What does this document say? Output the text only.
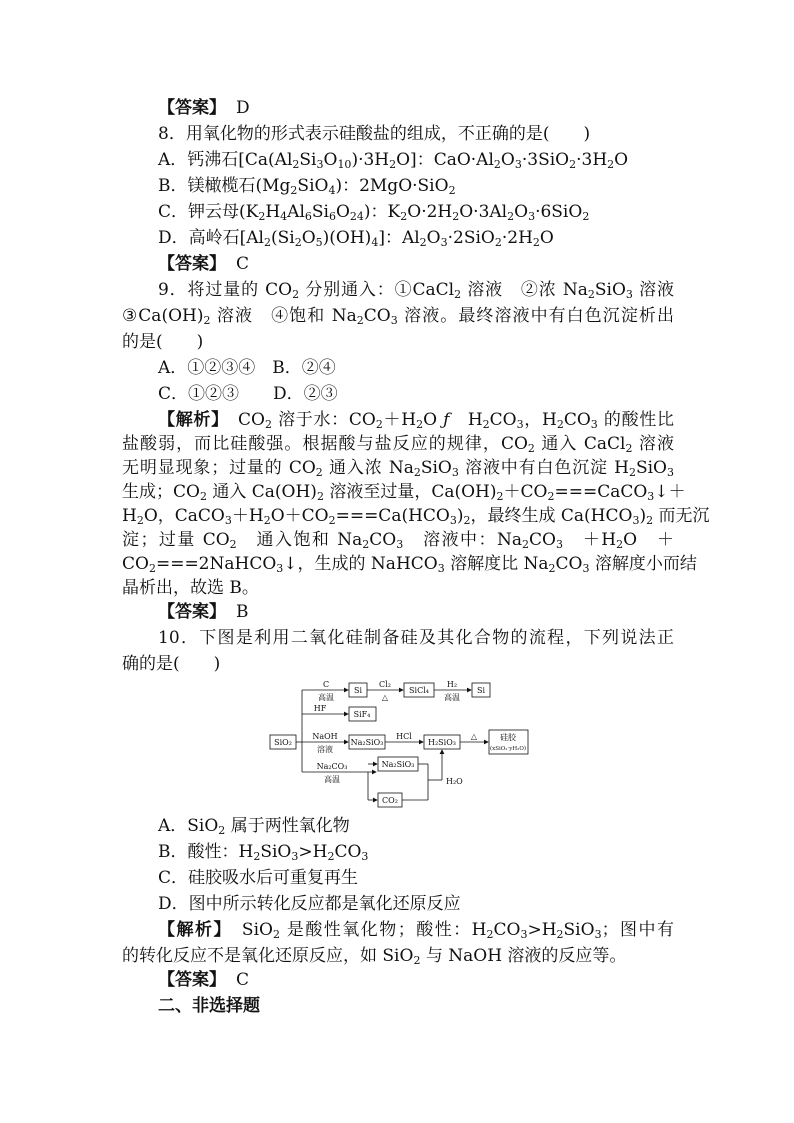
【答案】 D
8．用氧化物的形式表示硅酸盐的组成，不正确的是(　　)
A．钙沸石$[Ca(Al_2Si_3O_{10})\cdot 3H_2O]$：$CaO\cdot Al_2O_3\cdot 3SiO_2\cdot 3H_2O$
B．镁橄榄石$(Mg_2SiO_4)$：2MgO·SiO$_2$
C．钾云母$(K_2H_4Al_6Si_6O_{24})$：$K_2O\cdot 2H_2O\cdot 3Al_2O_3\cdot 6SiO_2$
D．高岭石$[Al_2(Si_2O_5)(OH)_4]$：$Al_2O_3\cdot 2SiO_2\cdot 2H_2O$
【答案】 C
9．将过量的 $CO_2$ 分别通入：①CaCl$_2$ 溶液　②浓 $Na_2SiO_3$ 溶液
$③Ca(OH)_2$ 溶液　④饱和 $Na_2CO_3$ 溶液。最终溶液中有白色沉淀析出
的是(　　)
A．①②③④　B．②④
C．①②③　　D．②③
【解析】　$CO_2$ 溶于水：$CO_2+H_2O$ ƒ　$H_2CO_3$，$H_2CO_3$ 的酸性比
盐酸弱，而比硅酸强。根据酸与盐反应的规律，$CO_2$ 通入 CaCl$_2$ 溶液
无明显现象；过量的 $CO_2$ 通入浓 $Na_2SiO_3$ 溶液中有白色沉淀 $H_2SiO_3$
生成；$CO_2$ 通入 $Ca(OH)_2$ 溶液至过量，$Ca(OH)_2+CO_2===CaCO_3↓+$
$H_2O$，$CaCO_3+H_2O+CO_2===Ca(HCO_3)_2$，最终生成 $Ca(HCO_3)_2$ 而无沉
淀；过量 $CO_2$　通入饱和 $Na_2CO_3$　溶液中：$Na_2CO_3$　$+H_2O$　＋
$CO_2===2NaHCO_3↓$，生成的 NaHCO$_3$ 溶解度比 $Na_2CO_3$ 溶解度小而结
晶析出，故选 B。
【答案】 B
10．下图是利用二氧化硅制备硅及其化合物的流程，下列说法正
确的是(　　)
SiO₂
Si	SiCl₄	Si
SiF₄
Na₂SiO₃	H₂SiO₃
Na₂SiO₃
CO₂
C
高温
Cl₂
△
H₂
高温
HF
NaOH
溶液
HCl	△
Na₂CO₃
高温	H₂O
硅胶
(xSiO₂·yH₂O)
A．SiO$_2$ 属于两性氧化物
B．酸性：$H_2SiO_3>H_2CO_3$
C．硅胶吸水后可重复再生
D．图中所示转化反应都是氧化还原反应
【解析】　SiO$_2$ 是酸性氧化物；酸性：$H_2CO_3>H_2SiO_3$；图中有
的转化反应不是氧化还原反应，如 SiO$_2$ 与 NaOH 溶液的反应等。
【答案】 C
二、非选择题
